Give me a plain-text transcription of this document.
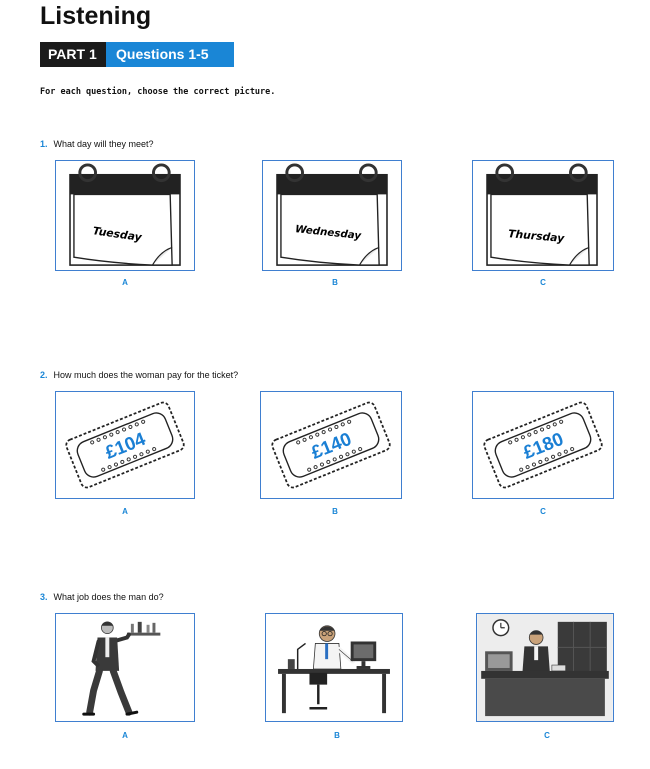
Listening
PART 1	Questions 1-5
For each question, choose the correct picture.
1. What day will they meet?
Tuesday
A
Wednesday
B
Thursday
C
2. How much does the woman pay for the ticket?
£104
A
£140
B
£180
C
3. What job does the man do?
A	B	C
